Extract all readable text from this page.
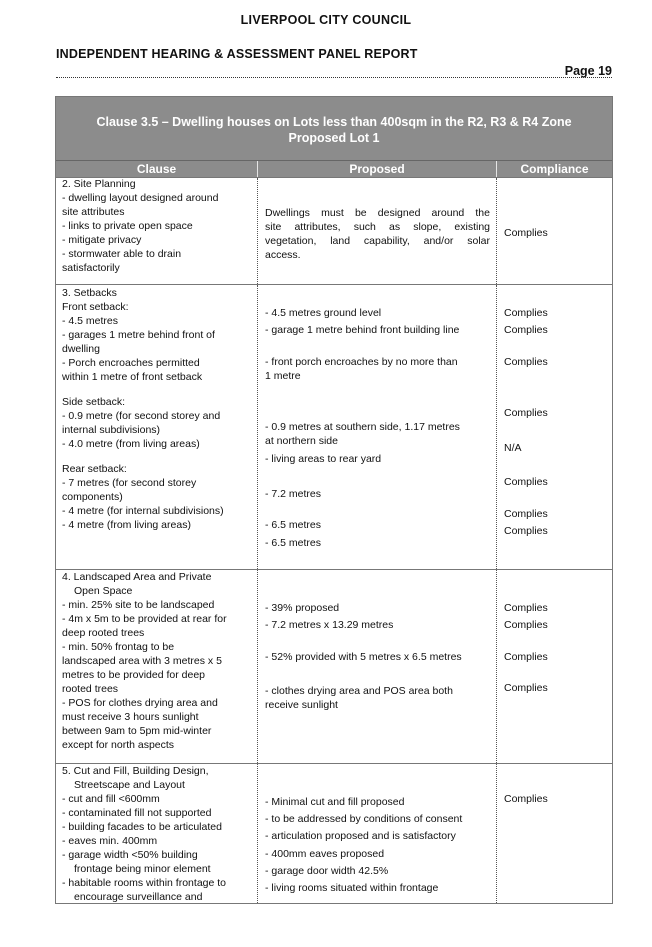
LIVERPOOL CITY COUNCIL
INDEPENDENT HEARING & ASSESSMENT PANEL REPORT
Page 19
Clause 3.5 – Dwelling houses on Lots less than 400sqm in the R2, R3 & R4 Zone
Proposed Lot 1
Clause	Proposed	Compliance
2. Site Planning
- dwelling layout designed around
site attributes
- links to private open space
- mitigate privacy
- stormwater able to drain
satisfactorily
Dwellings must be designed around the
site attributes, such as slope, existing
vegetation, land capability, and/or solar
access.
Complies
3. Setbacks
Front setback:
- 4.5 metres
- garages 1 metre behind front of
dwelling
- Porch encroaches permitted
within 1 metre of front setback
Side setback:
- 0.9 metre (for second storey and
internal subdivisions)
- 4.0 metre (from living areas)
Rear setback:
- 7 metres (for second storey
components)
- 4 metre (for internal subdivisions)
- 4 metre (from living areas)
- 4.5 metres ground level
- garage 1 metre behind front building line
- front porch encroaches by no more than
1 metre
- 0.9 metres at southern side, 1.17 metres
at northern side
- living areas to rear yard
- 7.2 metres
- 6.5 metres
- 6.5 metres
Complies
Complies
Complies
Complies
N/A
Complies
Complies
Complies
4. Landscaped Area and Private
Open Space
- min. 25% site to be landscaped
- 4m x 5m to be provided at rear for
deep rooted trees
- min. 50% frontag to be
landscaped area with 3 metres x 5
metres to be provided for deep
rooted trees
- POS for clothes drying area and
must receive 3 hours sunlight
between 9am to 5pm mid-winter
except for north aspects
- 39% proposed
- 7.2 metres x 13.29 metres
- 52% provided with 5 metres x 6.5 metres
- clothes drying area and POS area both
receive sunlight
Complies
Complies
Complies
Complies
5. Cut and Fill, Building Design,
Streetscape and Layout
- cut and fill <600mm
- contaminated fill not supported
- building facades to be articulated
- eaves min. 400mm
- garage width <50% building
frontage being minor element
- habitable rooms within frontage to
encourage surveillance and
- Minimal cut and fill proposed
- to be addressed by conditions of consent
- articulation proposed and is satisfactory
- 400mm eaves proposed
- garage door width 42.5%
- living rooms situated within frontage
Complies
